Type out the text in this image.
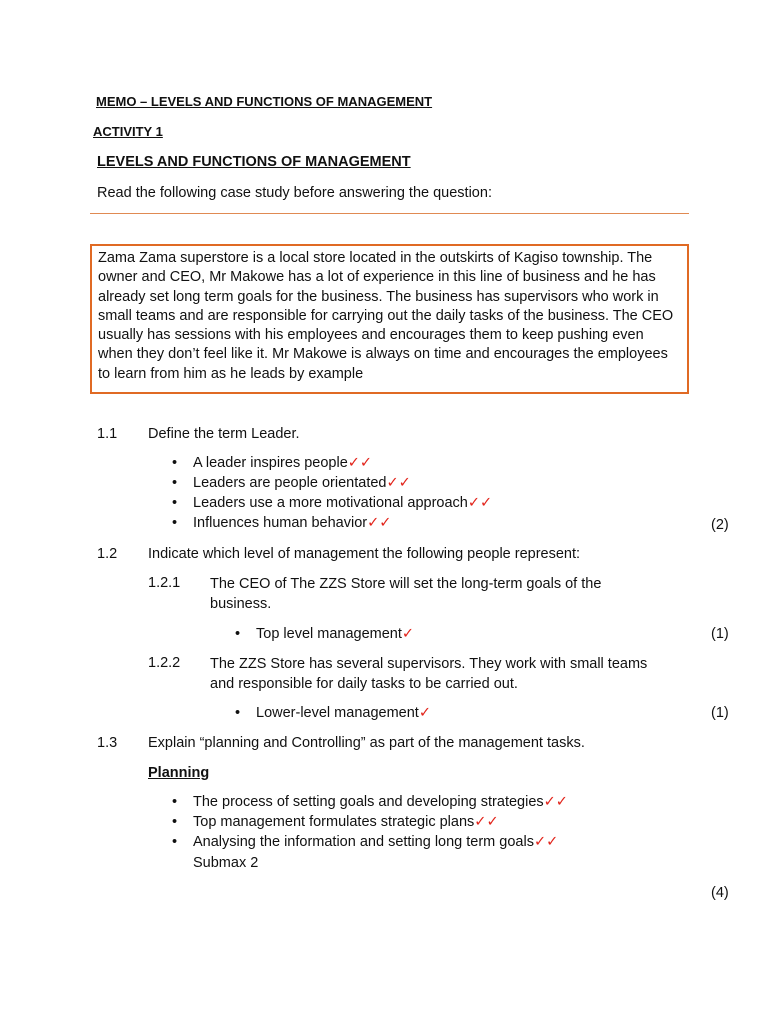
MEMO – LEVELS AND FUNCTIONS OF MANAGEMENT
ACTIVITY 1
LEVELS AND FUNCTIONS OF MANAGEMENT
Read the following case study before answering the question:
Zama Zama superstore is a local store located in the outskirts of Kagiso township. The owner and CEO, Mr Makowe has a lot of experience in this line of business and he has already set long term goals for the business. The business has supervisors who work in small teams and are responsible for carrying out the daily tasks of the business. The CEO usually has sessions with his employees and encourages them to keep pushing even when they don’t feel like it. Mr Makowe is always on time and encourages the employees to learn from him as he leads by example
1.1 Define the term Leader.
• A leader inspires people✓✓
• Leaders are people orientated✓✓
• Leaders use a more motivational approach✓✓
• Influences human behavior✓✓	(2)
1.2 Indicate which level of management the following people represent:
1.2.1 The CEO of The ZZS Store will set the long-term goals of the business.
• Top level management✓	(1)
1.2.2 The ZZS Store has several supervisors. They work with small teams and responsible for daily tasks to be carried out.
• Lower-level management✓	(1)
1.3 Explain “planning and Controlling” as part of the management tasks.
Planning
• The process of setting goals and developing strategies✓✓
• Top management formulates strategic plans✓✓
• Analysing the information and setting long term goals✓✓
Submax 2
(4)
